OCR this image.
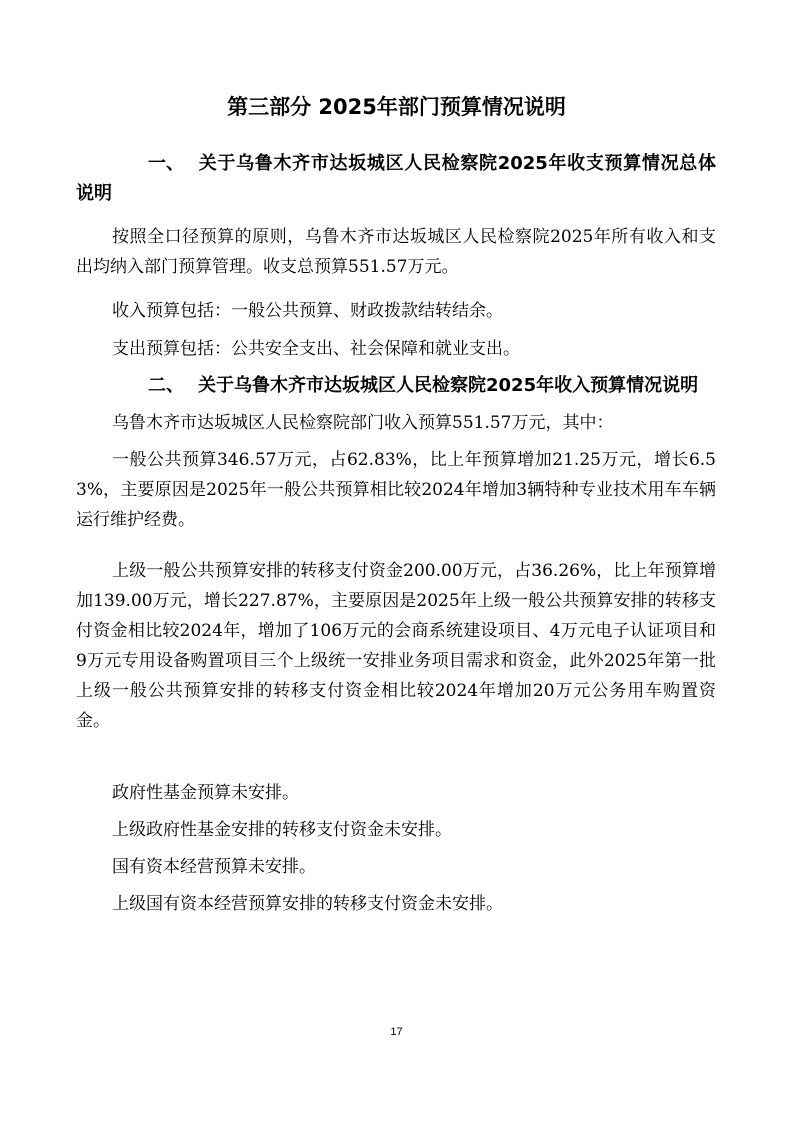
第三部分 2025年部门预算情况说明

一、 关于乌鲁木齐市达坂城区人民检察院2025年收支预算情况总体说明

按照全口径预算的原则，乌鲁木齐市达坂城区人民检察院2025年所有收入和支出均纳入部门预算管理。收支总预算551.57万元。

收入预算包括：一般公共预算、财政拨款结转结余。

支出预算包括：公共安全支出、社会保障和就业支出。

二、 关于乌鲁木齐市达坂城区人民检察院2025年收入预算情况说明

乌鲁木齐市达坂城区人民检察院部门收入预算551.57万元，其中：

一般公共预算346.57万元，占62.83%，比上年预算增加21.25万元，增长6.53%，主要原因是2025年一般公共预算相比较2024年增加3辆特种专业技术用车车辆运行维护经费。

上级一般公共预算安排的转移支付资金200.00万元，占36.26%，比上年预算增加139.00万元，增长227.87%，主要原因是2025年上级一般公共预算安排的转移支付资金相比较2024年，增加了106万元的会商系统建设项目、4万元电子认证项目和9万元专用设备购置项目三个上级统一安排业务项目需求和资金，此外2025年第一批上级一般公共预算安排的转移支付资金相比较2024年增加20万元公务用车购置资金。

政府性基金预算未安排。

上级政府性基金安排的转移支付资金未安排。

国有资本经营预算未安排。

上级国有资本经营预算安排的转移支付资金未安排。

17
